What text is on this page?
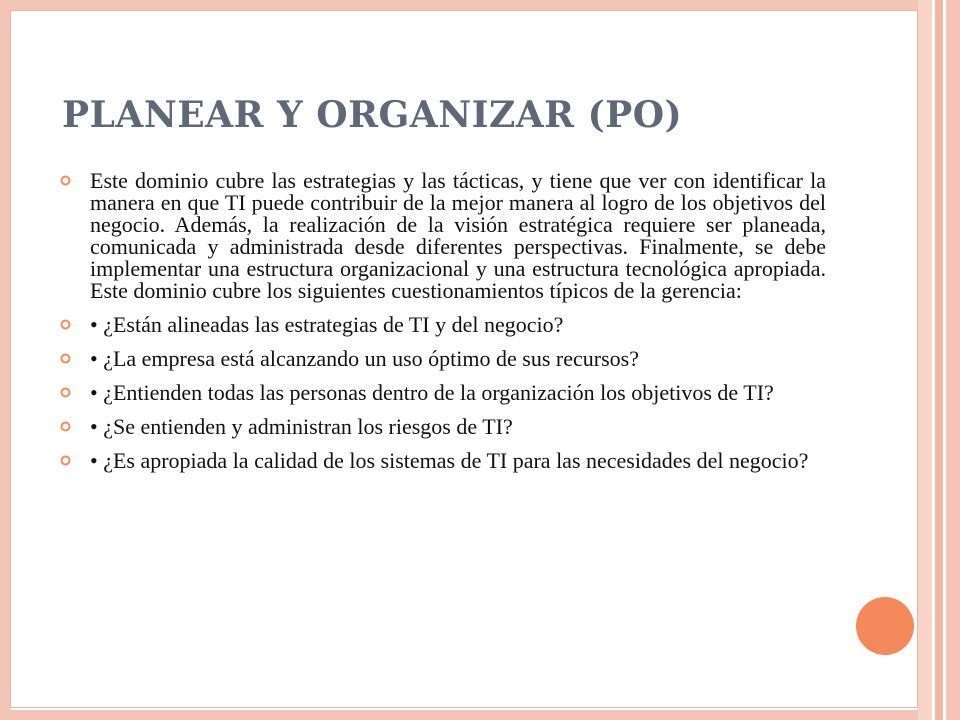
PLANEAR Y ORGANIZAR (PO)
Este dominio cubre las estrategias y las tácticas, y tiene que ver con identificar la manera en que TI puede contribuir de la mejor manera al logro de los objetivos del negocio. Además, la realización de la visión estratégica requiere ser planeada, comunicada y administrada desde diferentes perspectivas. Finalmente, se debe implementar una estructura organizacional y una estructura tecnológica apropiada. Este dominio cubre los siguientes cuestionamientos típicos de la gerencia:
• ¿Están alineadas las estrategias de TI y del negocio?
• ¿La empresa está alcanzando un uso óptimo de sus recursos?
• ¿Entienden todas las personas dentro de la organización los objetivos de TI?
• ¿Se entienden y administran los riesgos de TI?
• ¿Es apropiada la calidad de los sistemas de TI para las necesidades del negocio?
